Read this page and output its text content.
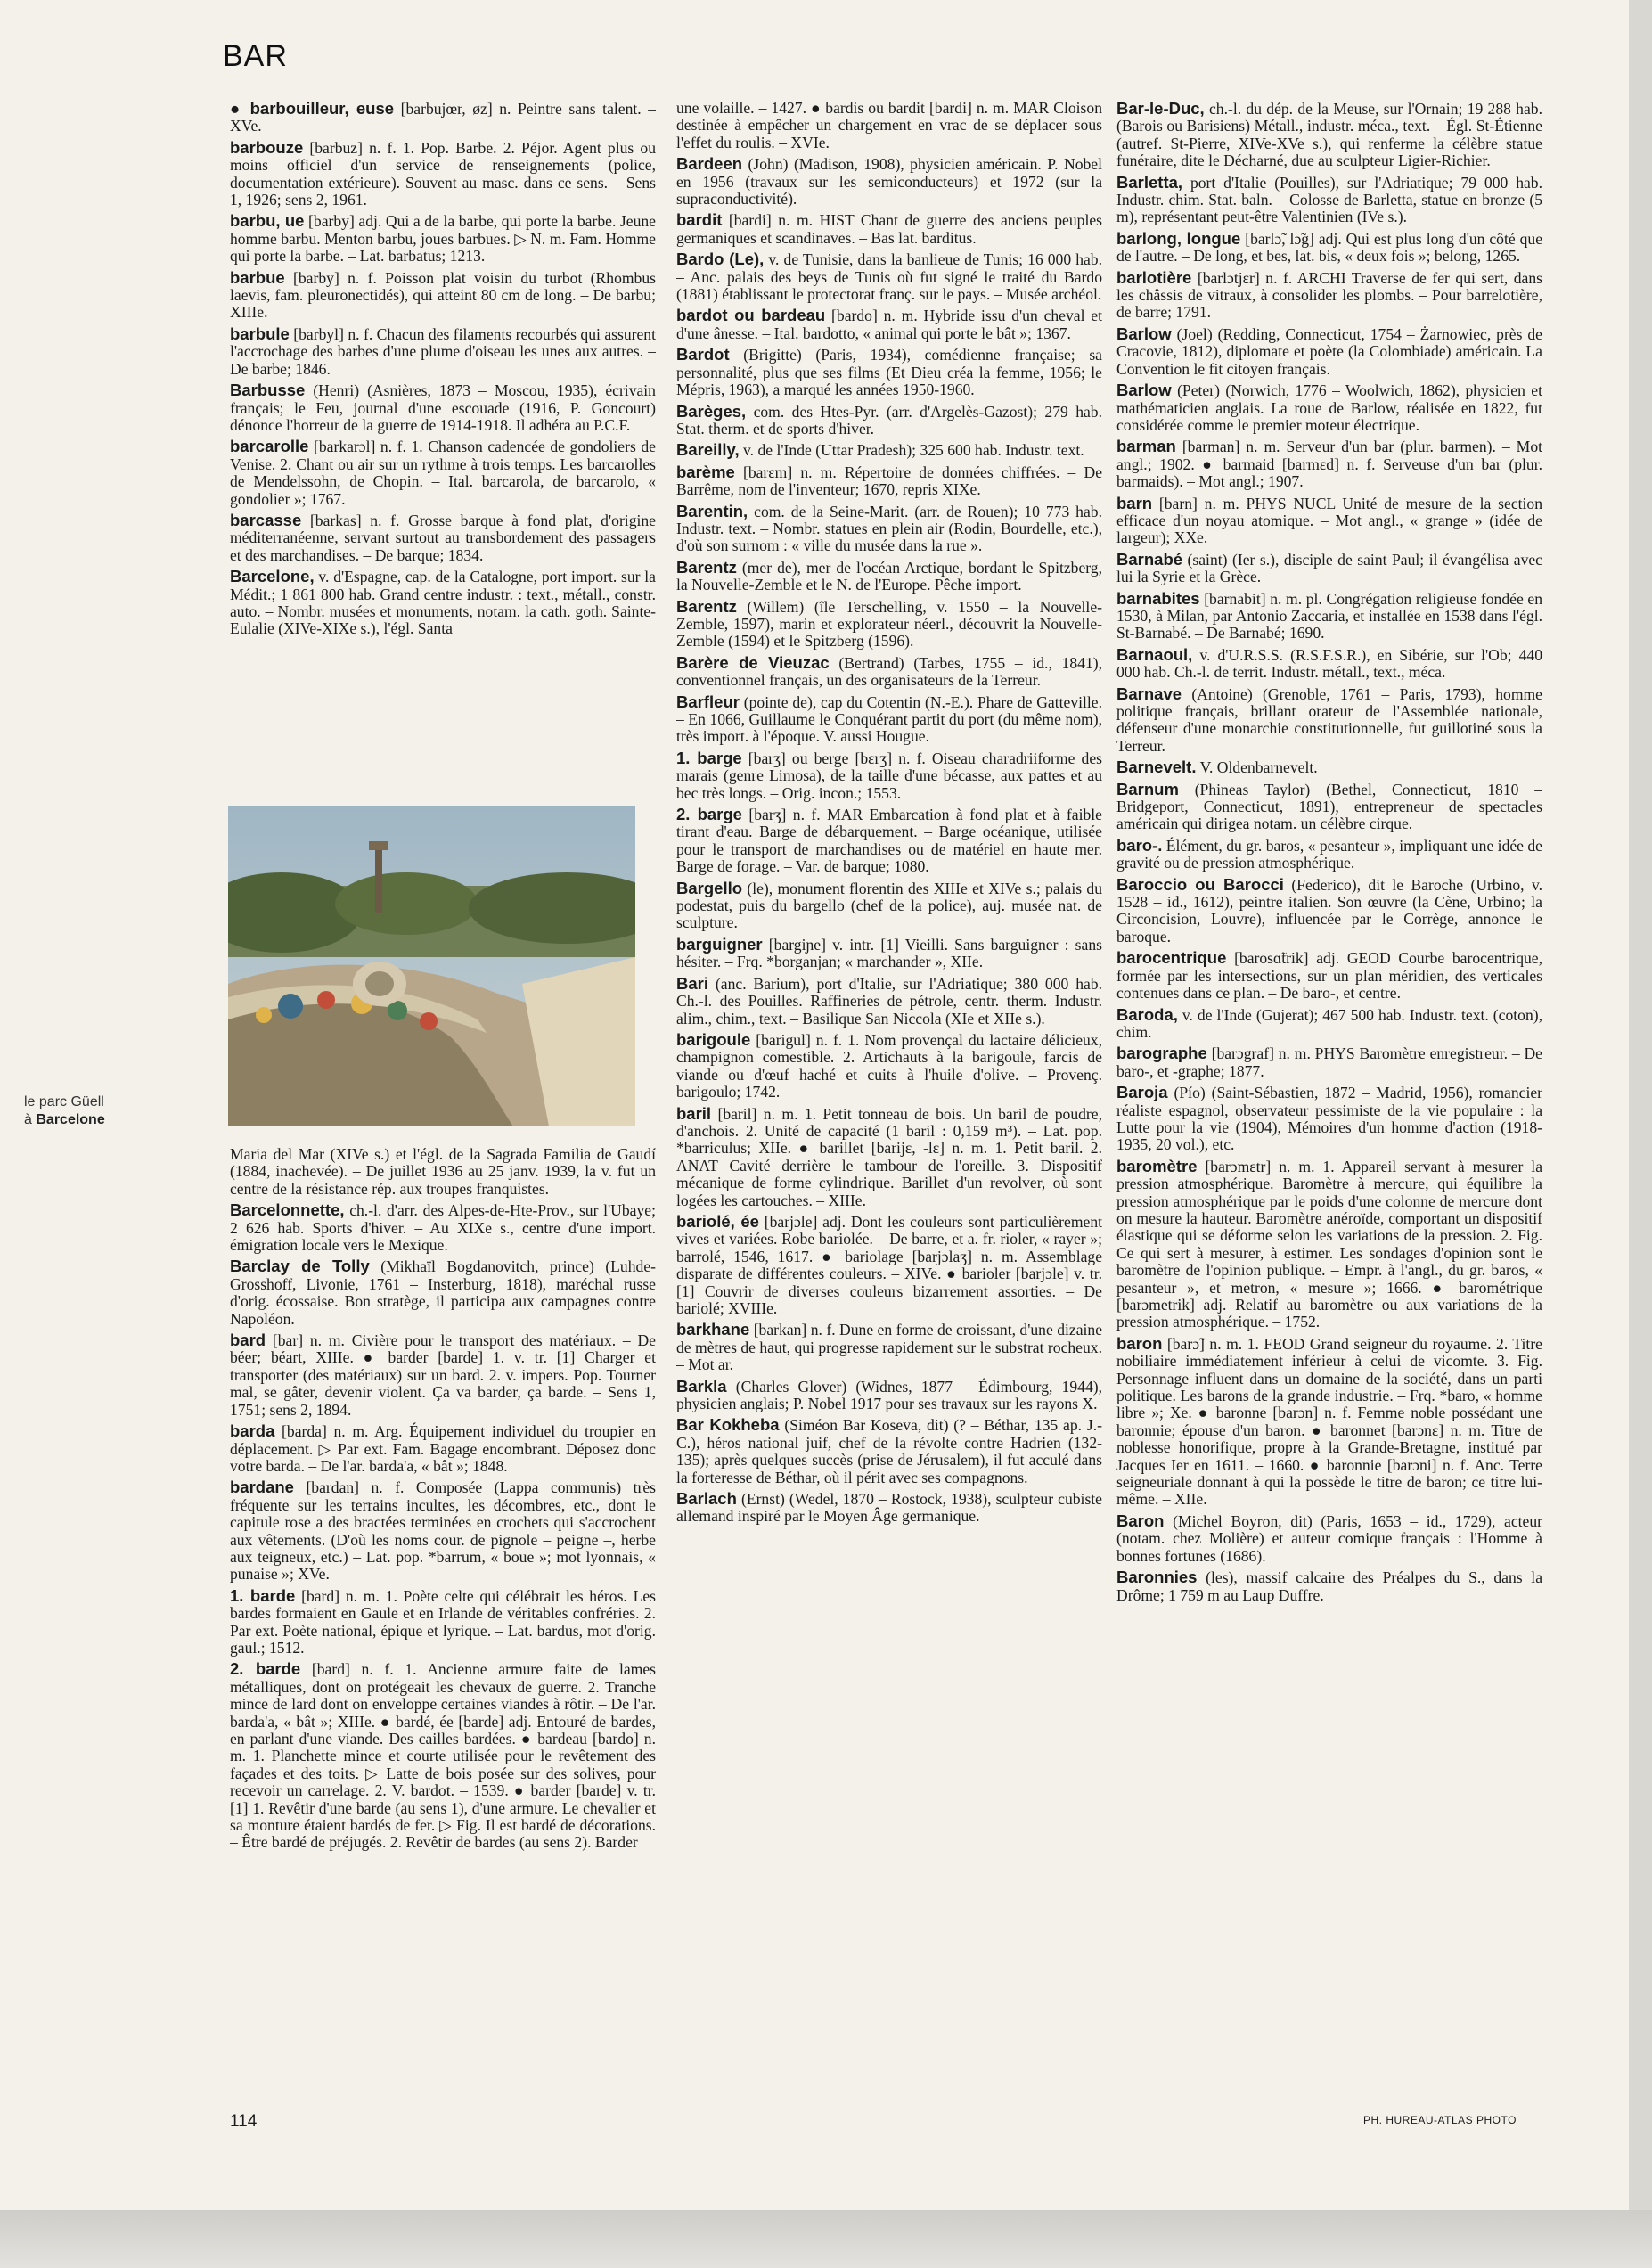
BAR

● barbouilleur, euse [barbujœr, øz] n. Peintre sans talent. – XVe.

barbouze [barbuz] n. f. 1. Pop. Barbe. 2. Péjor. Agent plus ou moins officiel d'un service de renseignements (police, documentation extérieure). Souvent au masc. dans ce sens. – Sens 1, 1926; sens 2, 1961.

barbu, ue [barby] adj. Qui a de la barbe, qui porte la barbe. Jeune homme barbu. Menton barbu, joues barbues. ▷ N. m. Fam. Homme qui porte la barbe. – Lat. barbatus; 1213.

barbue [barby] n. f. Poisson plat voisin du turbot (Rhombus laevis, fam. pleuronectidés), qui atteint 80 cm de long. – De barbu; XIIIe.

barbule [barbyl] n. f. Chacun des filaments recourbés qui assurent l'accrochage des barbes d'une plume d'oiseau les unes aux autres. – De barbe; 1846.

Barbusse (Henri) (Asnières, 1873 – Moscou, 1935), écrivain français; le Feu, journal d'une escouade (1916, P. Goncourt) dénonce l'horreur de la guerre de 1914-1918. Il adhéra au P.C.F.

barcarolle [barkarɔl] n. f. 1. Chanson cadencée de gondoliers de Venise. 2. Chant ou air sur un rythme à trois temps. Les barcarolles de Mendelssohn, de Chopin. – Ital. barcarola, de barcarolo, « gondolier »; 1767.

barcasse [barkas] n. f. Grosse barque à fond plat, d'origine méditerranéenne, servant surtout au transbordement des passagers et des marchandises. – De barque; 1834.

Barcelone, v. d'Espagne, cap. de la Catalogne, port import. sur la Médit.; 1 861 800 hab. Grand centre industr. : text., métall., constr. auto. – Nombr. musées et monuments, notam. la cath. goth. Sainte-Eulalie (XIVe-XIXe s.), l'égl. Santa

le parc Güell
à Barcelone

Maria del Mar (XIVe s.) et l'égl. de la Sagrada Familia de Gaudí (1884, inachevée). – De juillet 1936 au 25 janv. 1939, la v. fut un centre de la résistance rép. aux troupes franquistes.

Barcelonnette, ch.-l. d'arr. des Alpes-de-Hte-Prov., sur l'Ubaye; 2 626 hab. Sports d'hiver. – Au XIXe s., centre d'une import. émigration locale vers le Mexique.

Barclay de Tolly (Mikhaïl Bogdanovitch, prince) (Luhde-Grosshoff, Livonie, 1761 – Insterburg, 1818), maréchal russe d'orig. écossaise. Bon stratège, il participa aux campagnes contre Napoléon.

bard [bar] n. m. Civière pour le transport des matériaux. – De béer; béart, XIIIe. ● barder [barde] 1. v. tr. [1] Charger et transporter (des matériaux) sur un bard. 2. v. impers. Pop. Tourner mal, se gâter, devenir violent. Ça va barder, ça barde. – Sens 1, 1751; sens 2, 1894.

barda [barda] n. m. Arg. Équipement individuel du troupier en déplacement. ▷ Par ext. Fam. Bagage encombrant. Déposez donc votre barda. – De l'ar. barda'a, « bât »; 1848.

bardane [bardan] n. f. Composée (Lappa communis) très fréquente sur les terrains incultes, les décombres, etc., dont le capitule rose a des bractées terminées en crochets qui s'accrochent aux vêtements. (D'où les noms cour. de pignole – peigne –, herbe aux teigneux, etc.) – Lat. pop. *barrum, « boue »; mot lyonnais, « punaise »; XVe.

1. barde [bard] n. m. 1. Poète celte qui célébrait les héros. Les bardes formaient en Gaule et en Irlande de véritables confréries. 2. Par ext. Poète national, épique et lyrique. – Lat. bardus, mot d'orig. gaul.; 1512.

2. barde [bard] n. f. 1. Ancienne armure faite de lames métalliques, dont on protégeait les chevaux de guerre. 2. Tranche mince de lard dont on enveloppe certaines viandes à rôtir. – De l'ar. barda'a, « bât »; XIIIe. ● bardé, ée [barde] adj. Entouré de bardes, en parlant d'une viande. Des cailles bardées. ● bardeau [bardo] n. m. 1. Planchette mince et courte utilisée pour le revêtement des façades et des toits. ▷ Latte de bois posée sur des solives, pour recevoir un carrelage. 2. V. bardot. – 1539. ● barder [barde] v. tr. [1] 1. Revêtir d'une barde (au sens 1), d'une armure. Le chevalier et sa monture étaient bardés de fer. ▷ Fig. Il est bardé de décorations. – Être bardé de préjugés. 2. Revêtir de bardes (au sens 2). Barder

une volaille. – 1427. ● bardis ou bardit [bardi] n. m. MAR Cloison destinée à empêcher un chargement en vrac de se déplacer sous l'effet du roulis. – XVIe.

Bardeen (John) (Madison, 1908), physicien américain. P. Nobel en 1956 (travaux sur les semiconducteurs) et 1972 (sur la supraconductivité).

bardit [bardi] n. m. HIST Chant de guerre des anciens peuples germaniques et scandinaves. – Bas lat. barditus.

Bardo (Le), v. de Tunisie, dans la banlieue de Tunis; 16 000 hab. – Anc. palais des beys de Tunis où fut signé le traité du Bardo (1881) établissant le protectorat franç. sur le pays. – Musée archéol.

bardot ou bardeau [bardo] n. m. Hybride issu d'un cheval et d'une ânesse. – Ital. bardotto, « animal qui porte le bât »; 1367.

Bardot (Brigitte) (Paris, 1934), comédienne française; sa personnalité, plus que ses films (Et Dieu créa la femme, 1956; le Mépris, 1963), a marqué les années 1950-1960.

Barèges, com. des Htes-Pyr. (arr. d'Argelès-Gazost); 279 hab. Stat. therm. et de sports d'hiver.

Bareilly, v. de l'Inde (Uttar Pradesh); 325 600 hab. Industr. text.

barème [barɛm] n. m. Répertoire de données chiffrées. – De Barrême, nom de l'inventeur; 1670, repris XIXe.

Barentin, com. de la Seine-Marit. (arr. de Rouen); 10 773 hab. Industr. text. – Nombr. statues en plein air (Rodin, Bourdelle, etc.), d'où son surnom : « ville du musée dans la rue ».

Barentz (mer de), mer de l'océan Arctique, bordant le Spitzberg, la Nouvelle-Zemble et le N. de l'Europe. Pêche import.

Barentz (Willem) (île Terschelling, v. 1550 – la Nouvelle-Zemble, 1597), marin et explorateur néerl., découvrit la Nouvelle-Zemble (1594) et le Spitzberg (1596).

Barère de Vieuzac (Bertrand) (Tarbes, 1755 – id., 1841), conventionnel français, un des organisateurs de la Terreur.

Barfleur (pointe de), cap du Cotentin (N.-E.). Phare de Gatteville. – En 1066, Guillaume le Conquérant partit du port (du même nom), très import. à l'époque. V. aussi Hougue.

1. barge [barʒ] ou berge [bɛrʒ] n. f. Oiseau charadriiforme des marais (genre Limosa), de la taille d'une bécasse, aux pattes et au bec très longs. – Orig. incon.; 1553.

2. barge [barʒ] n. f. MAR Embarcation à fond plat et à faible tirant d'eau. Barge de débarquement. – Barge océanique, utilisée pour le transport de marchandises ou de matériel en haute mer. Barge de forage. – Var. de barque; 1080.

Bargello (le), monument florentin des XIIIe et XIVe s.; palais du podestat, puis du bargello (chef de la police), auj. musée nat. de sculpture.

barguigner [bargiɲe] v. intr. [1] Vieilli. Sans barguigner : sans hésiter. – Frq. *borganjan; « marchander », XIIe.

Bari (anc. Barium), port d'Italie, sur l'Adriatique; 380 000 hab. Ch.-l. des Pouilles. Raffineries de pétrole, centr. therm. Industr. alim., chim., text. – Basilique San Niccola (XIe et XIIe s.).

barigoule [barigul] n. f. 1. Nom provençal du lactaire délicieux, champignon comestible. 2. Artichauts à la barigoule, farcis de viande ou d'œuf haché et cuits à l'huile d'olive. – Provenç. barigoulo; 1742.

baril [baril] n. m. 1. Petit tonneau de bois. Un baril de poudre, d'anchois. 2. Unité de capacité (1 baril : 0,159 m³). – Lat. pop. *barriculus; XIIe. ● barillet [barijɛ, -lɛ] n. m. 1. Petit baril. 2. ANAT Cavité derrière le tambour de l'oreille. 3. Dispositif mécanique de forme cylindrique. Barillet d'un revolver, où sont logées les cartouches. – XIIIe.

bariolé, ée [barjɔle] adj. Dont les couleurs sont particulièrement vives et variées. Robe bariolée. – De barre, et a. fr. rioler, « rayer »; barrolé, 1546, 1617. ● bariolage [barjɔlaʒ] n. m. Assemblage disparate de différentes couleurs. – XIVe. ● barioler [barjɔle] v. tr. [1] Couvrir de diverses couleurs bizarrement assorties. – De bariolé; XVIIIe.

barkhane [barkan] n. f. Dune en forme de croissant, d'une dizaine de mètres de haut, qui progresse rapidement sur le substrat rocheux. – Mot ar.

Barkla (Charles Glover) (Widnes, 1877 – Édimbourg, 1944), physicien anglais; P. Nobel 1917 pour ses travaux sur les rayons X.

Bar Kokheba (Siméon Bar Koseva, dit) (? – Béthar, 135 ap. J.-C.), héros national juif, chef de la révolte contre Hadrien (132-135); après quelques succès (prise de Jérusalem), il fut acculé dans la forteresse de Béthar, où il périt avec ses compagnons.

Barlach (Ernst) (Wedel, 1870 – Rostock, 1938), sculpteur cubiste allemand inspiré par le Moyen Âge germanique.

Bar-le-Duc, ch.-l. du dép. de la Meuse, sur l'Ornain; 19 288 hab. (Barois ou Barisiens) Métall., industr. méca., text. – Égl. St-Étienne (autref. St-Pierre, XIVe-XVe s.), qui renferme la célèbre statue funéraire, dite le Décharné, due au sculpteur Ligier-Richier.

Barletta, port d'Italie (Pouilles), sur l'Adriatique; 79 000 hab. Industr. chim. Stat. baln. – Colosse de Barletta, statue en bronze (5 m), représentant peut-être Valentinien (IVe s.).

barlong, longue [barlɔ̃, lɔ̃g] adj. Qui est plus long d'un côté que de l'autre. – De long, et bes, lat. bis, « deux fois »; belong, 1265.

barlotière [barlɔtjɛr] n. f. ARCHI Traverse de fer qui sert, dans les châssis de vitraux, à consolider les plombs. – Pour barrelotière, de barre; 1791.

Barlow (Joel) (Redding, Connecticut, 1754 – Żarnowiec, près de Cracovie, 1812), diplomate et poète (la Colombiade) américain. La Convention le fit citoyen français.

Barlow (Peter) (Norwich, 1776 – Woolwich, 1862), physicien et mathématicien anglais. La roue de Barlow, réalisée en 1822, fut considérée comme le premier moteur électrique.

barman [barman] n. m. Serveur d'un bar (plur. barmen). – Mot angl.; 1902. ● barmaid [barmɛd] n. f. Serveuse d'un bar (plur. barmaids). – Mot angl.; 1907.

barn [barn] n. m. PHYS NUCL Unité de mesure de la section efficace d'un noyau atomique. – Mot angl., « grange » (idée de largeur); XXe.

Barnabé (saint) (Ier s.), disciple de saint Paul; il évangélisa avec lui la Syrie et la Grèce.

barnabites [barnabit] n. m. pl. Congrégation religieuse fondée en 1530, à Milan, par Antonio Zaccaria, et installée en 1538 dans l'égl. St-Barnabé. – De Barnabé; 1690.

Barnaoul, v. d'U.R.S.S. (R.S.F.S.R.), en Sibérie, sur l'Ob; 440 000 hab. Ch.-l. de territ. Industr. métall., text., méca.

Barnave (Antoine) (Grenoble, 1761 – Paris, 1793), homme politique français, brillant orateur de l'Assemblée nationale, défenseur d'une monarchie constitutionnelle, fut guillotiné sous la Terreur.

Barnevelt. V. Oldenbarnevelt.

Barnum (Phineas Taylor) (Bethel, Connecticut, 1810 – Bridgeport, Connecticut, 1891), entrepreneur de spectacles américain qui dirigea notam. un célèbre cirque.

baro-. Élément, du gr. baros, « pesanteur », impliquant une idée de gravité ou de pression atmosphérique.

Baroccio ou Barocci (Federico), dit le Baroche (Urbino, v. 1528 – id., 1612), peintre italien. Son œuvre (la Cène, Urbino; la Circoncision, Louvre), influencée par le Corrège, annonce le baroque.

barocentrique [barosɑ̃trik] adj. GEOD Courbe barocentrique, formée par les intersections, sur un plan méridien, des verticales contenues dans ce plan. – De baro-, et centre.

Baroda, v. de l'Inde (Gujerāt); 467 500 hab. Industr. text. (coton), chim.

barographe [barɔgraf] n. m. PHYS Baromètre enregistreur. – De baro-, et -graphe; 1877.

Baroja (Pío) (Saint-Sébastien, 1872 – Madrid, 1956), romancier réaliste espagnol, observateur pessimiste de la vie populaire : la Lutte pour la vie (1904), Mémoires d'un homme d'action (1918-1935, 20 vol.), etc.

baromètre [barɔmɛtr] n. m. 1. Appareil servant à mesurer la pression atmosphérique. Baromètre à mercure, qui équilibre la pression atmosphérique par le poids d'une colonne de mercure dont on mesure la hauteur. Baromètre anéroïde, comportant un dispositif élastique qui se déforme selon les variations de la pression. 2. Fig. Ce qui sert à mesurer, à estimer. Les sondages d'opinion sont le baromètre de l'opinion publique. – Empr. à l'angl., du gr. baros, « pesanteur », et metron, « mesure »; 1666. ● barométrique [barɔmetrik] adj. Relatif au baromètre ou aux variations de la pression atmosphérique. – 1752.

baron [barɔ̃] n. m. 1. FEOD Grand seigneur du royaume. 2. Titre nobiliaire immédiatement inférieur à celui de vicomte. 3. Fig. Personnage influent dans un domaine de la société, dans un parti politique. Les barons de la grande industrie. – Frq. *baro, « homme libre »; Xe. ● baronne [barɔn] n. f. Femme noble possédant une baronnie; épouse d'un baron. ● baronnet [barɔnɛ] n. m. Titre de noblesse honorifique, propre à la Grande-Bretagne, institué par Jacques Ier en 1611. – 1660. ● baronnie [barɔni] n. f. Anc. Terre seigneuriale donnant à qui la possède le titre de baron; ce titre lui-même. – XIIe.

Baron (Michel Boyron, dit) (Paris, 1653 – id., 1729), acteur (notam. chez Molière) et auteur comique français : l'Homme à bonnes fortunes (1686).

Baronnies (les), massif calcaire des Préalpes du S., dans la Drôme; 1 759 m au Laup Duffre.

114	PH. HUREAU-ATLAS PHOTO
